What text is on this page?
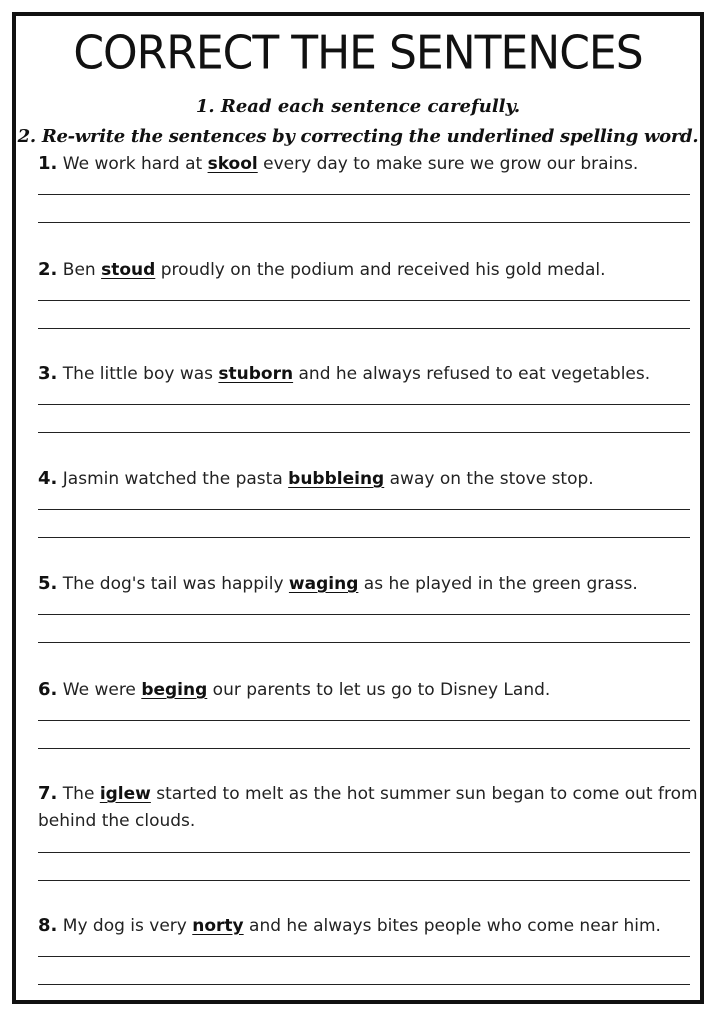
CORRECT THE SENTENCES
1. Read each sentence carefully.
2. Re-write the sentences by correcting the underlined spelling word.
1. We work hard at skool every day to make sure we grow our brains.
2. Ben stoud proudly on the podium and received his gold medal.
3. The little boy was stuborn and he always refused to eat vegetables.
4. Jasmin watched the pasta bubbleing away on the stove stop.
5. The dog's tail was happily waging as he played in the green grass.
6. We were beging our parents to let us go to Disney Land.
7. The iglew started to melt as the hot summer sun began to come out from behind the clouds.
8. My dog is very norty and he always bites people who come near him.
